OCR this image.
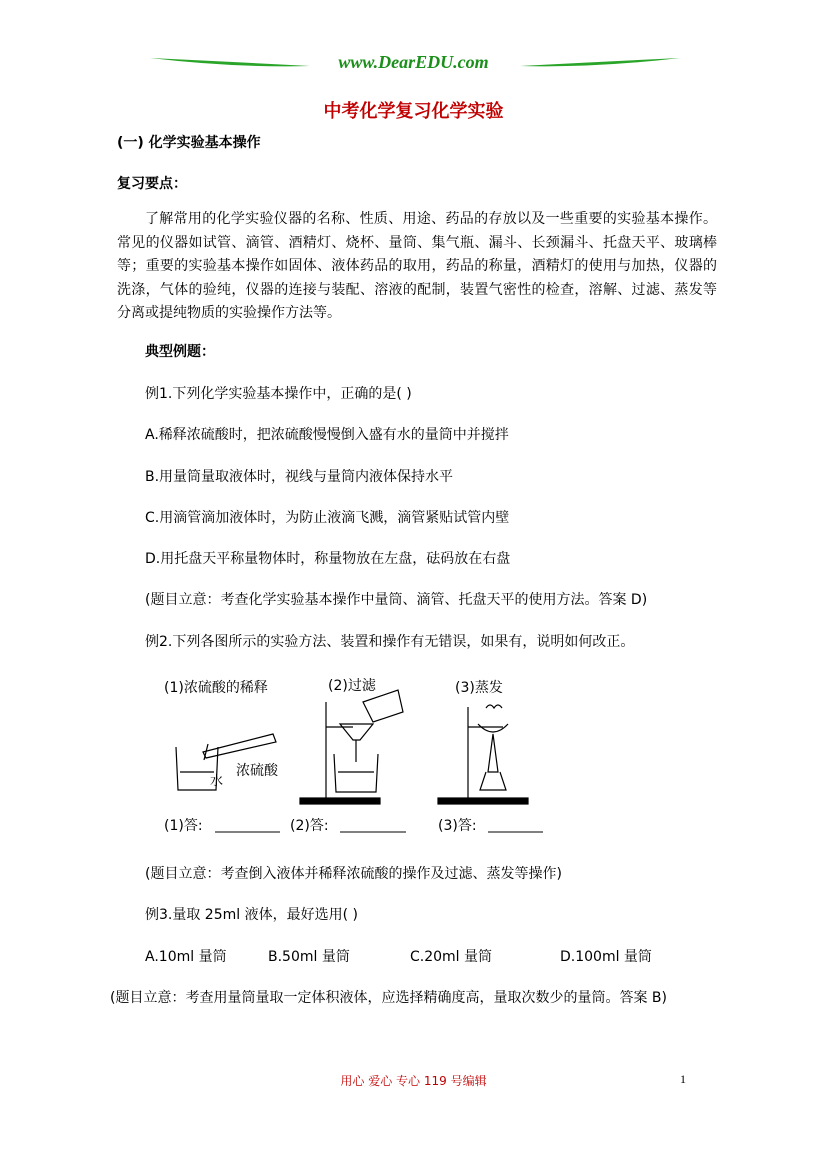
www.DearEDU.com
中考化学复习化学实验
(一) 化学实验基本操作
复习要点：
了解常用的化学实验仪器的名称、性质、用途、药品的存放以及一些重要的实验基本操作。常见的仪器如试管、滴管、酒精灯、烧杯、量筒、集气瓶、漏斗、长颈漏斗、托盘天平、玻璃棒等；重要的实验基本操作如固体、液体药品的取用，药品的称量，酒精灯的使用与加热，仪器的洗涤，气体的验纯，仪器的连接与装配、溶液的配制，装置气密性的检查，溶解、过滤、蒸发等分离或提纯物质的实验操作方法等。
典型例题：
例1.下列化学实验基本操作中，正确的是( )
A.稀释浓硫酸时，把浓硫酸慢慢倒入盛有水的量筒中并搅拌
B.用量筒量取液体时，视线与量筒内液体保持水平
C.用滴管滴加液体时，为防止液滴飞溅，滴管紧贴试管内壁
D.用托盘天平称量物体时，称量物放在左盘，砝码放在右盘
(题目立意：考查化学实验基本操作中量筒、滴管、托盘天平的使用方法。答案 D)
例2.下列各图所示的实验方法、装置和操作有无错误，如果有，说明如何改正。
(1)浓硫酸的稀释	(2)过滤	(3)蒸发
浓硫酸
水
(1)答:	(2)答:	(3)答:
(题目立意：考查倒入液体并稀释浓硫酸的操作及过滤、蒸发等操作)
例3.量取 25ml 液体，最好选用( )
A.10ml 量筒	B.50ml 量筒	C.20ml 量筒	D.100ml 量筒
(题目立意：考查用量筒量取一定体积液体，应选择精确度高，量取次数少的量筒。答案 B)
用心 爱心 专心 119 号编辑	1
